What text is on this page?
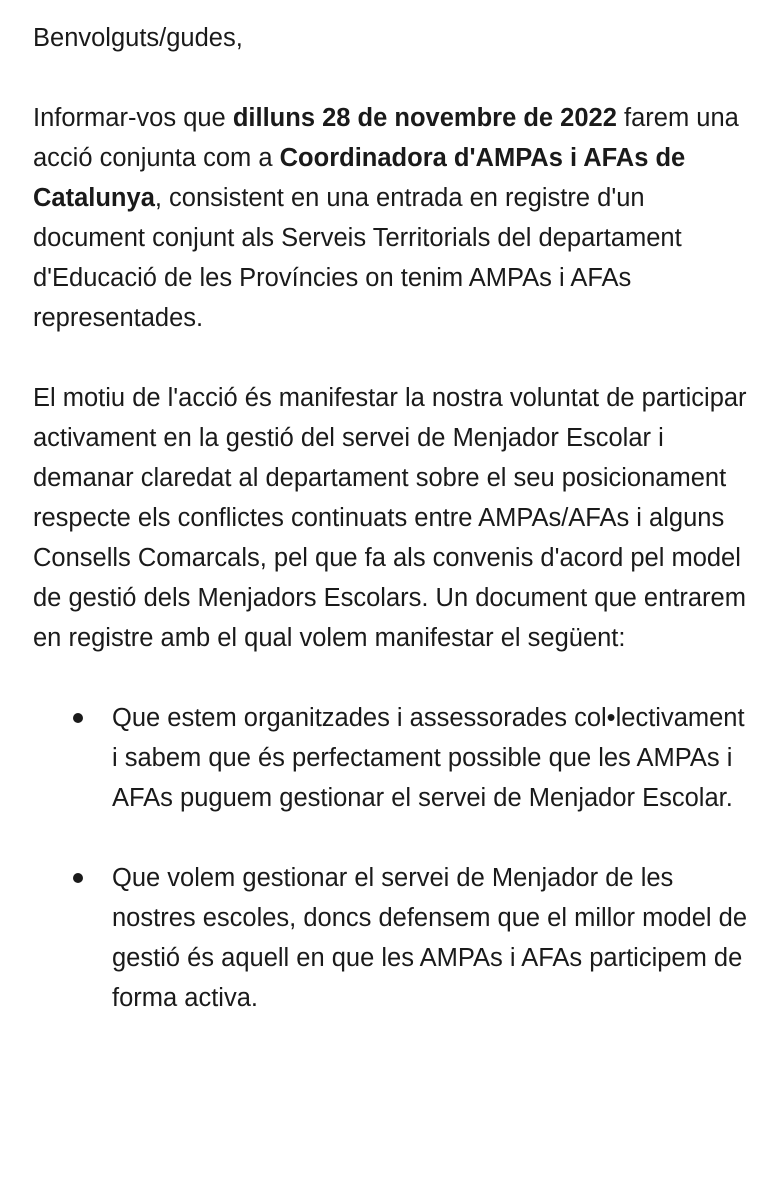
Benvolguts/gudes,

Informar-vos que dilluns 28 de novembre de 2022 farem una acció conjunta com a Coordinadora d'AMPAs i AFAs de Catalunya, consistent en una entrada en registre d'un document conjunt als Serveis Territorials del departament d'Educació de les Províncies on tenim AMPAs i AFAs representades.

El motiu de l'acció és manifestar la nostra voluntat de participar activament en la gestió del servei de Menjador Escolar i demanar claredat al departament sobre el seu posicionament respecte els conflictes continuats entre AMPAs/AFAs i alguns Consells Comarcals, pel que fa als convenis d'acord pel model de gestió dels Menjadors Escolars. Un document que entrarem en registre amb el qual volem manifestar el següent:

Que estem organitzades i assessorades col•lectivament i sabem que és perfectament possible que les AMPAs i AFAs puguem gestionar el servei de Menjador Escolar.
Que volem gestionar el servei de Menjador de les nostres escoles, doncs defensem que el millor model de gestió és aquell en que les AMPAs i AFAs participem de forma activa.
